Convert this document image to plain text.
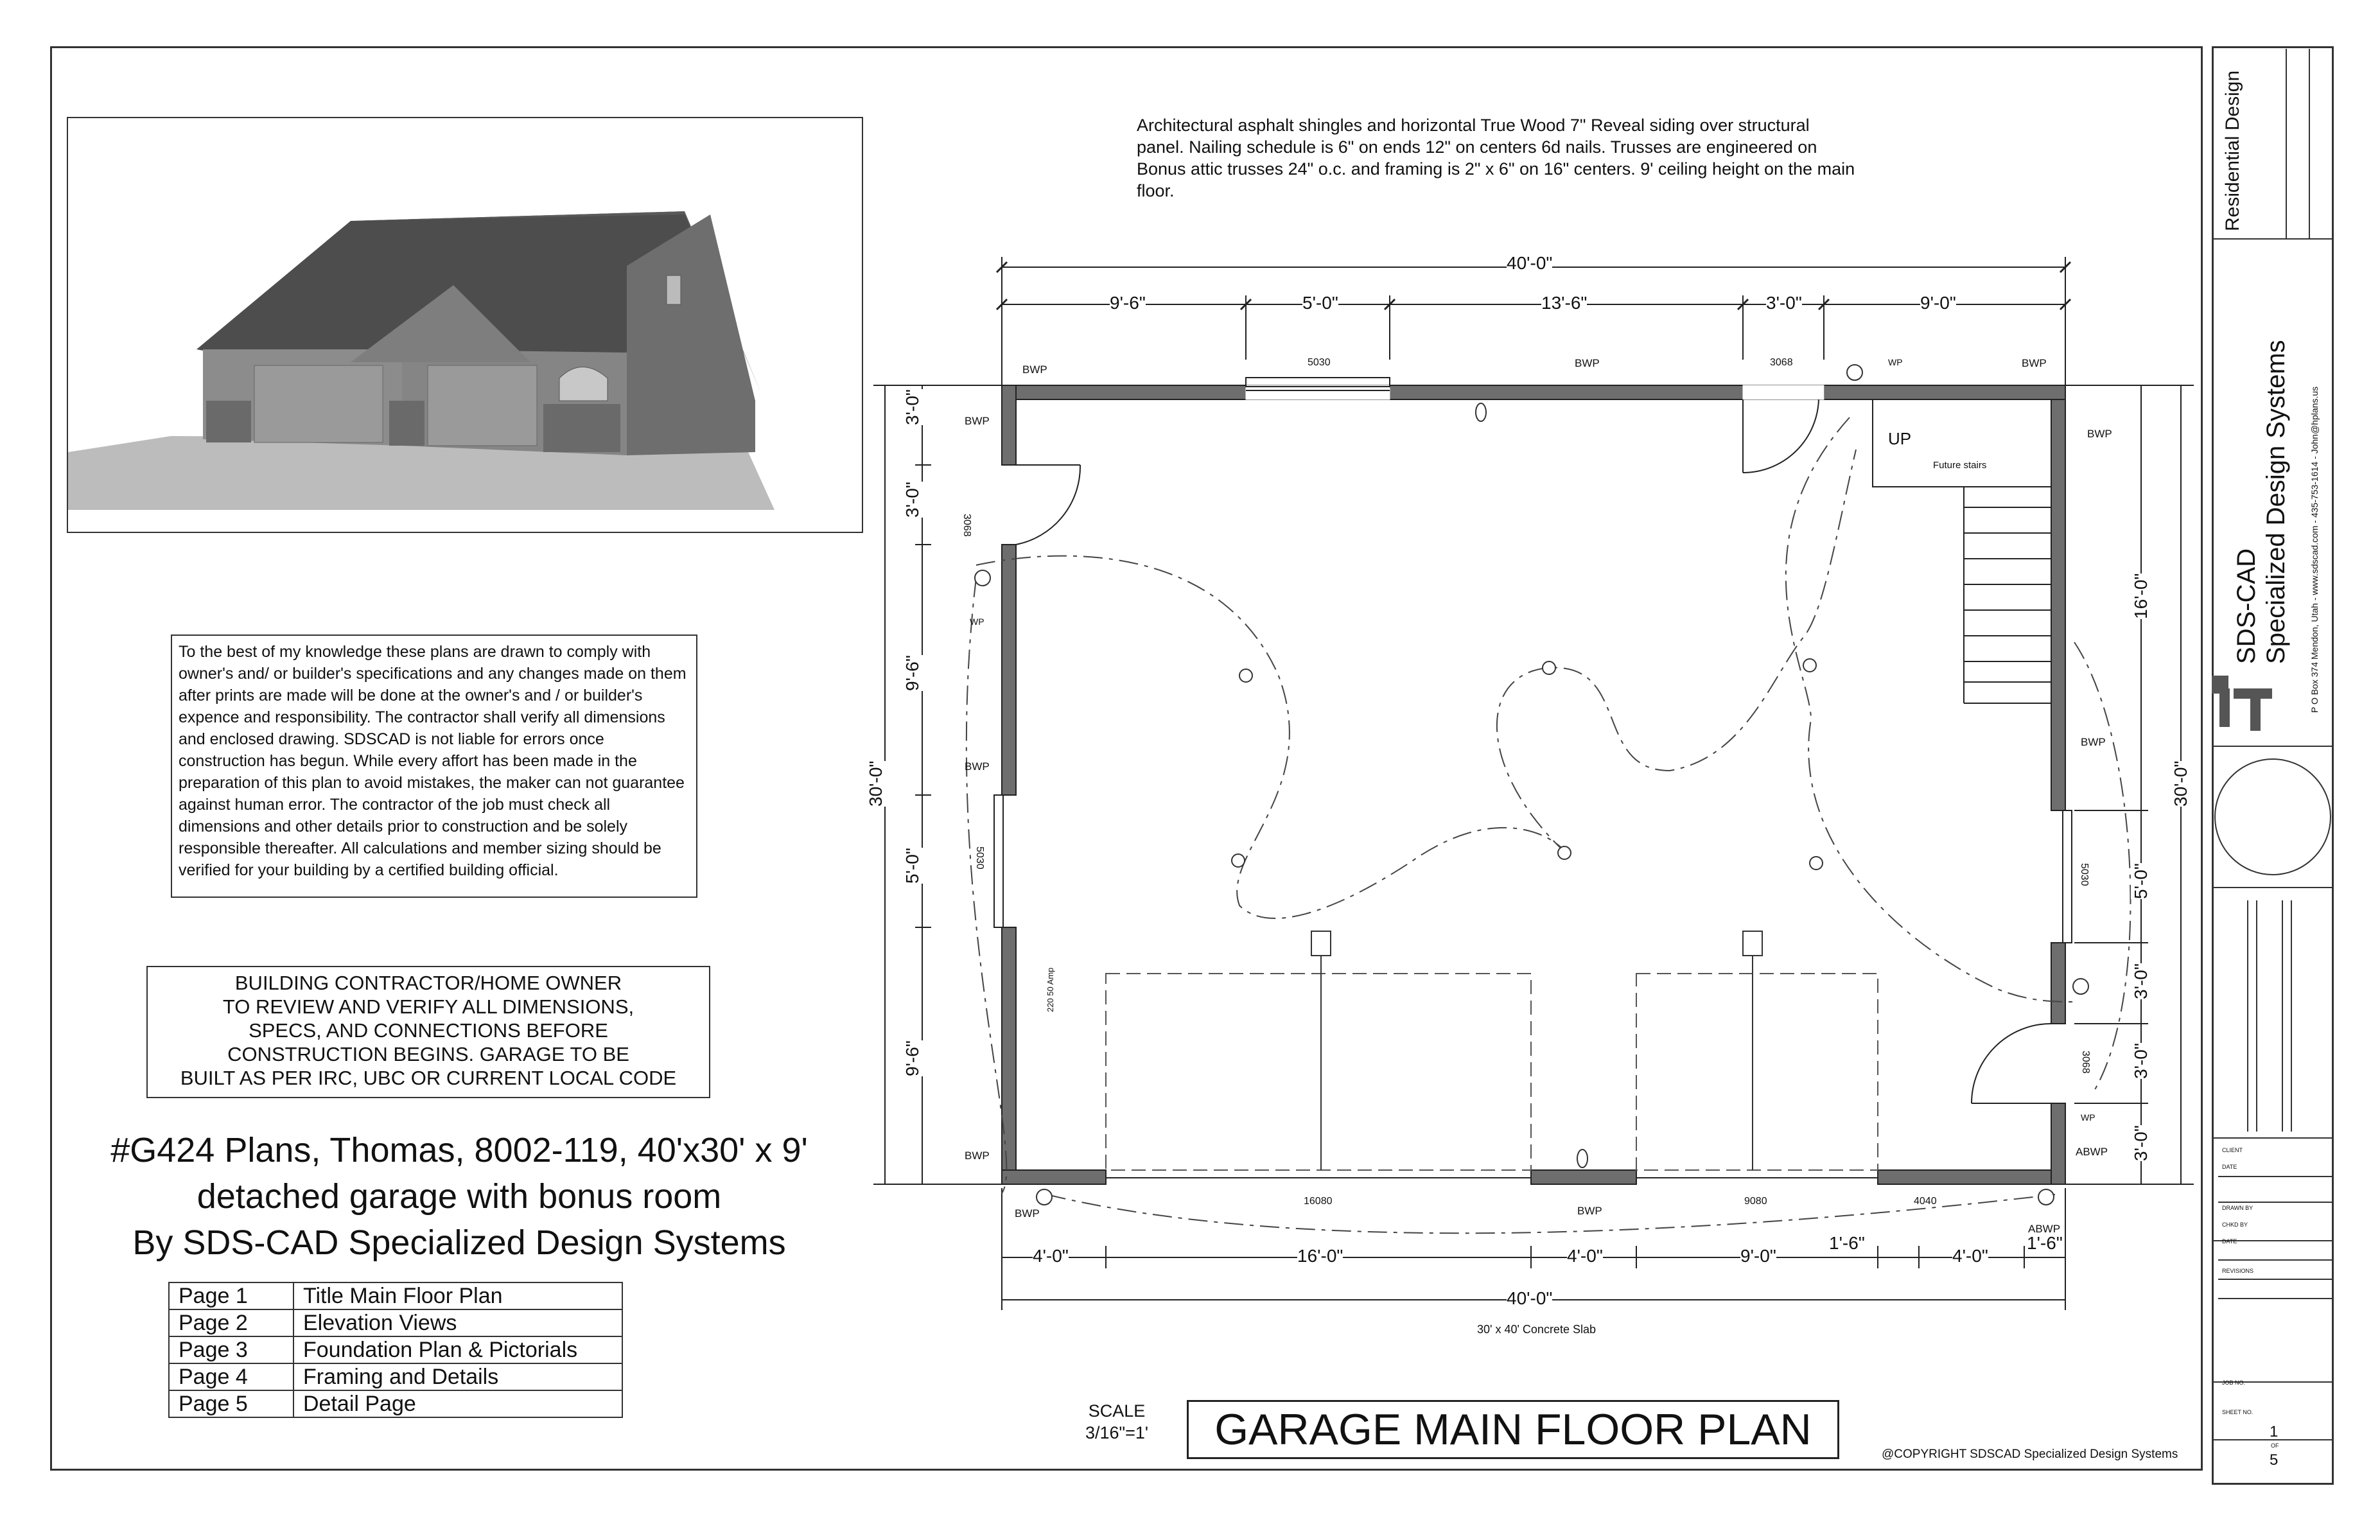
Architectural asphalt shingles and horizontal True Wood 7" Reveal siding over structural panel. Nailing schedule is 6" on ends 12" on centers 6d nails. Trusses are engineered on Bonus attic trusses 24" o.c. and framing is 2" x 6" on 16" centers. 9' ceiling height on the main floor.
To the best of my knowledge these plans are drawn to comply with owner's and/ or builder's specifications and any changes made on them after prints are made will be done at the owner's and / or builder's expence and responsibility. The contractor shall verify all dimensions and enclosed drawing. SDSCAD is not liable for errors once construction has begun. While every affort has been made in the preparation of this plan to avoid mistakes, the maker can not guarantee against human error. The contractor of the job must check all dimensions and other details prior to construction and be solely responsible thereafter. All calculations and member sizing should be verified for your building by a certified building official.
BUILDING CONTRACTOR/HOME OWNER
TO REVIEW AND VERIFY ALL DIMENSIONS,
SPECS, AND CONNECTIONS BEFORE
CONSTRUCTION BEGINS. GARAGE TO BE
BUILT AS PER IRC, UBC OR CURRENT LOCAL CODE
#G424 Plans, Thomas, 8002-119, 40'x30' x 9'
detached garage with bonus room
By SDS-CAD Specialized Design Systems
Page 1	Title Main Floor Plan
Page 2	Elevation Views
Page 3	Foundation Plan & Pictorials
Page 4	Framing and Details
Page 5	Detail Page
40'-0"
9'-6"	5'-0"	13'-6"	3'-0"	9'-0"
4'-0"	16'-0"	4'-0"	9'-0"
1'-6"
4'-0"
1'-6"
40'-0"
30' x 40' Concrete Slab
3'-0"
3'-0"
9'-6"
5'-0"
9'-6"
30'-0"
16'-0"
5'-0"
3'-0"
3'-0"
3'-0"
30'-0"
BWP
BWP	BWP
BWP
BWP
BWP
BWP
BWP
BWP	BWP
ABWP
ABWP
WP
WP
WP
5030	3068
3068
5030
5030
3068
16080	9080	4040
UP
Future stairs
220 50 Amp
SCALE
3/16"=1'	GARAGE MAIN FLOOR PLAN
@COPYRIGHT SDSCAD Specialized Design Systems
Residential Design
SDS-CAD Specialized Design Systems P O Box 374 Mendon, Utah - www.sdscad.com - 435-753-1614 - John@hplans.us
CLIENT
DATE
DRAWN BY
CHKD BY
DATE
REVISIONS
JOB NO.
SHEET NO.
1
OF
5
